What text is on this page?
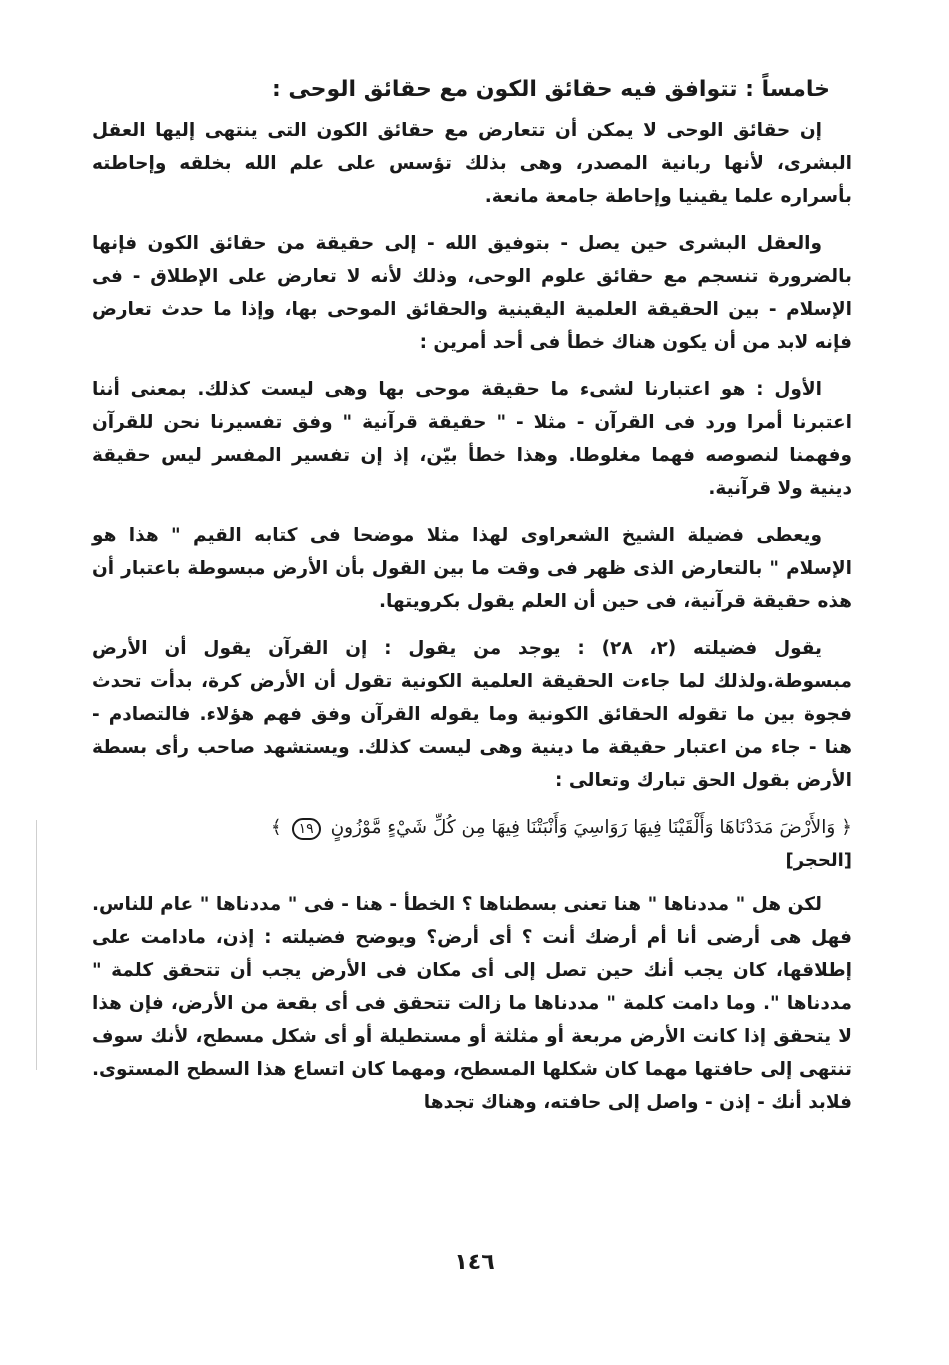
خامساً : تتوافق فيه حقائق الكون مع حقائق الوحى :

إن حقائق الوحى لا يمكن أن تتعارض مع حقائق الكون التى ينتهى إليها العقل البشرى، لأنها ربانية المصدر، وهى بذلك تؤسس على علم الله بخلقه وإحاطته بأسراره علما يقينيا وإحاطة جامعة مانعة.

والعقل البشرى حين يصل - بتوفيق الله - إلى حقيقة من حقائق الكون فإنها بالضرورة تنسجم مع حقائق علوم الوحى، وذلك لأنه لا تعارض على الإطلاق - فى الإسلام - بين الحقيقة العلمية اليقينية والحقائق الموحى بها، وإذا ما حدث تعارض فإنه لابد من أن يكون هناك خطأ فى أحد أمرين :

الأول : هو اعتبارنا لشىء ما حقيقة موحى بها وهى ليست كذلك. بمعنى أننا اعتبرنا أمرا ورد فى القرآن - مثلا - " حقيقة قرآنية " وفق تفسيرنا نحن للقرآن وفهمنا لنصوصه فهما مغلوطا. وهذا خطأ بيّن، إذ إن تفسير المفسر ليس حقيقة دينية ولا قرآنية.

ويعطى فضيلة الشيخ الشعراوى لهذا مثلا موضحا فى كتابه القيم " هذا هو الإسلام " بالتعارض الذى ظهر فى وقت ما بين القول بأن الأرض مبسوطة باعتبار أن هذه حقيقة قرآنية، فى حين أن العلم يقول بكرويتها.

يقول فضيلته (٢، ٢٨) : يوجد من يقول : إن القرآن يقول أن الأرض مبسوطة.ولذلك لما جاءت الحقيقة العلمية الكونية تقول أن الأرض كرة، بدأت تحدث فجوة بين ما تقوله الحقائق الكونية وما يقوله القرآن وفق فهم هؤلاء. فالتصادم - هنا - جاء من اعتبار حقيقة ما دينية وهى ليست كذلك. ويستشهد صاحب رأى بسطة الأرض بقول الحق تبارك وتعالى :

﴿ وَالأَرْضَ مَدَدْنَاهَا وَأَلْقَيْنَا فِيهَا رَوَاسِيَ وَأَنْبَتْنَا فِيهَا مِن كُلِّ شَيْءٍ مَّوْزُونٍ ١٩ ﴾
[الحجر]

لكن هل " مددناها " هنا تعنى بسطناها ؟ الخطأ - هنا - فى " مددناها " عام للناس. فهل هى أرضى أنا أم أرضك أنت ؟ أى أرض؟ ويوضح فضيلته : إذن، مادامت على إطلاقها، كان يجب أنك حين تصل إلى أى مكان فى الأرض يجب أن تتحقق كلمة " مددناها ". وما دامت كلمة " مددناها ما زالت تتحقق فى أى بقعة من الأرض، فإن هذا لا يتحقق إذا كانت الأرض مربعة أو مثلثة أو مستطيلة أو أى شكل مسطح، لأنك سوف تنتهى إلى حافتها مهما كان شكلها المسطح، ومهما كان اتساع هذا السطح المستوى. فلابد أنك - إذن - واصل إلى حافته، وهناك تجدها

١٤٦
